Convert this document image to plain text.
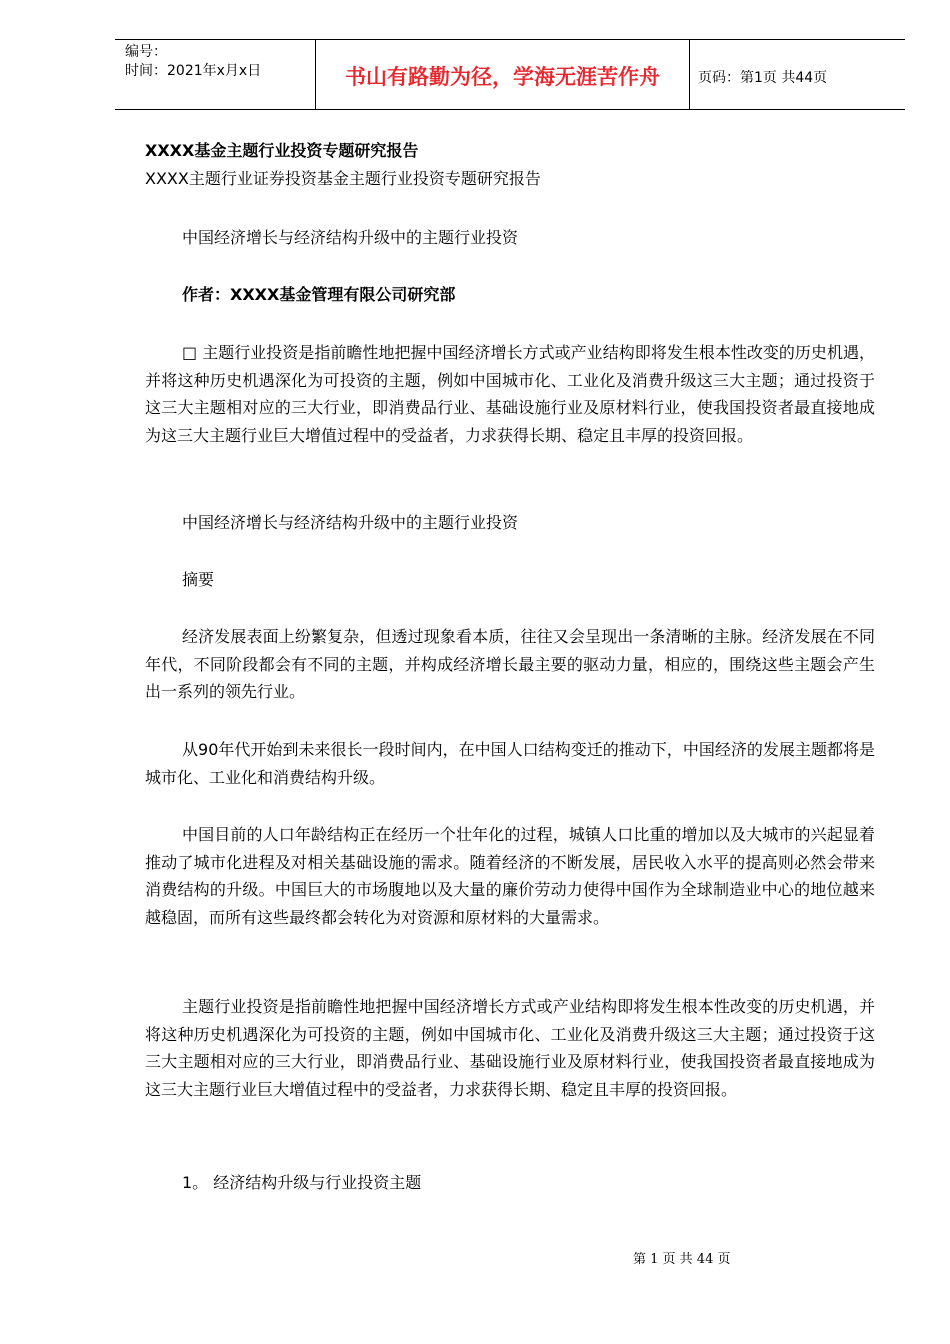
编号：
时间：2021年x月x日	书山有路勤为径，学海无涯苦作舟	页码：第1页 共44页
XXXX基金主题行业投资专题研究报告
XXXX主题行业证券投资基金主题行业投资专题研究报告
中国经济增长与经济结构升级中的主题行业投资
作者：XXXX基金管理有限公司研究部

□ 主题行业投资是指前瞻性地把握中国经济增长方式或产业结构即将发生根本性改变的历史机遇，并将这种历史机遇深化为可投资的主题，例如中国城市化、工业化及消费升级这三大主题；通过投资于这三大主题相对应的三大行业，即消费品行业、基础设施行业及原材料行业，使我国投资者最直接地成为这三大主题行业巨大增值过程中的受益者，力求获得长期、稳定且丰厚的投资回报。

中国经济增长与经济结构升级中的主题行业投资
摘要

经济发展表面上纷繁复杂，但透过现象看本质，往往又会呈现出一条清晰的主脉。经济发展在不同年代，不同阶段都会有不同的主题，并构成经济增长最主要的驱动力量，相应的，围绕这些主题会产生出一系列的领先行业。

从90年代开始到未来很长一段时间内，在中国人口结构变迁的推动下，中国经济的发展主题都将是城市化、工业化和消费结构升级。

中国目前的人口年龄结构正在经历一个壮年化的过程，城镇人口比重的增加以及大城市的兴起显着推动了城市化进程及对相关基础设施的需求。随着经济的不断发展，居民收入水平的提高则必然会带来消费结构的升级。中国巨大的市场腹地以及大量的廉价劳动力使得中国作为全球制造业中心的地位越来越稳固，而所有这些最终都会转化为对资源和原材料的大量需求。

主题行业投资是指前瞻性地把握中国经济增长方式或产业结构即将发生根本性改变的历史机遇，并将这种历史机遇深化为可投资的主题，例如中国城市化、工业化及消费升级这三大主题；通过投资于这三大主题相对应的三大行业，即消费品行业、基础设施行业及原材料行业，使我国投资者最直接地成为这三大主题行业巨大增值过程中的受益者，力求获得长期、稳定且丰厚的投资回报。

1。 经济结构升级与行业投资主题
第 1 页 共 44 页
